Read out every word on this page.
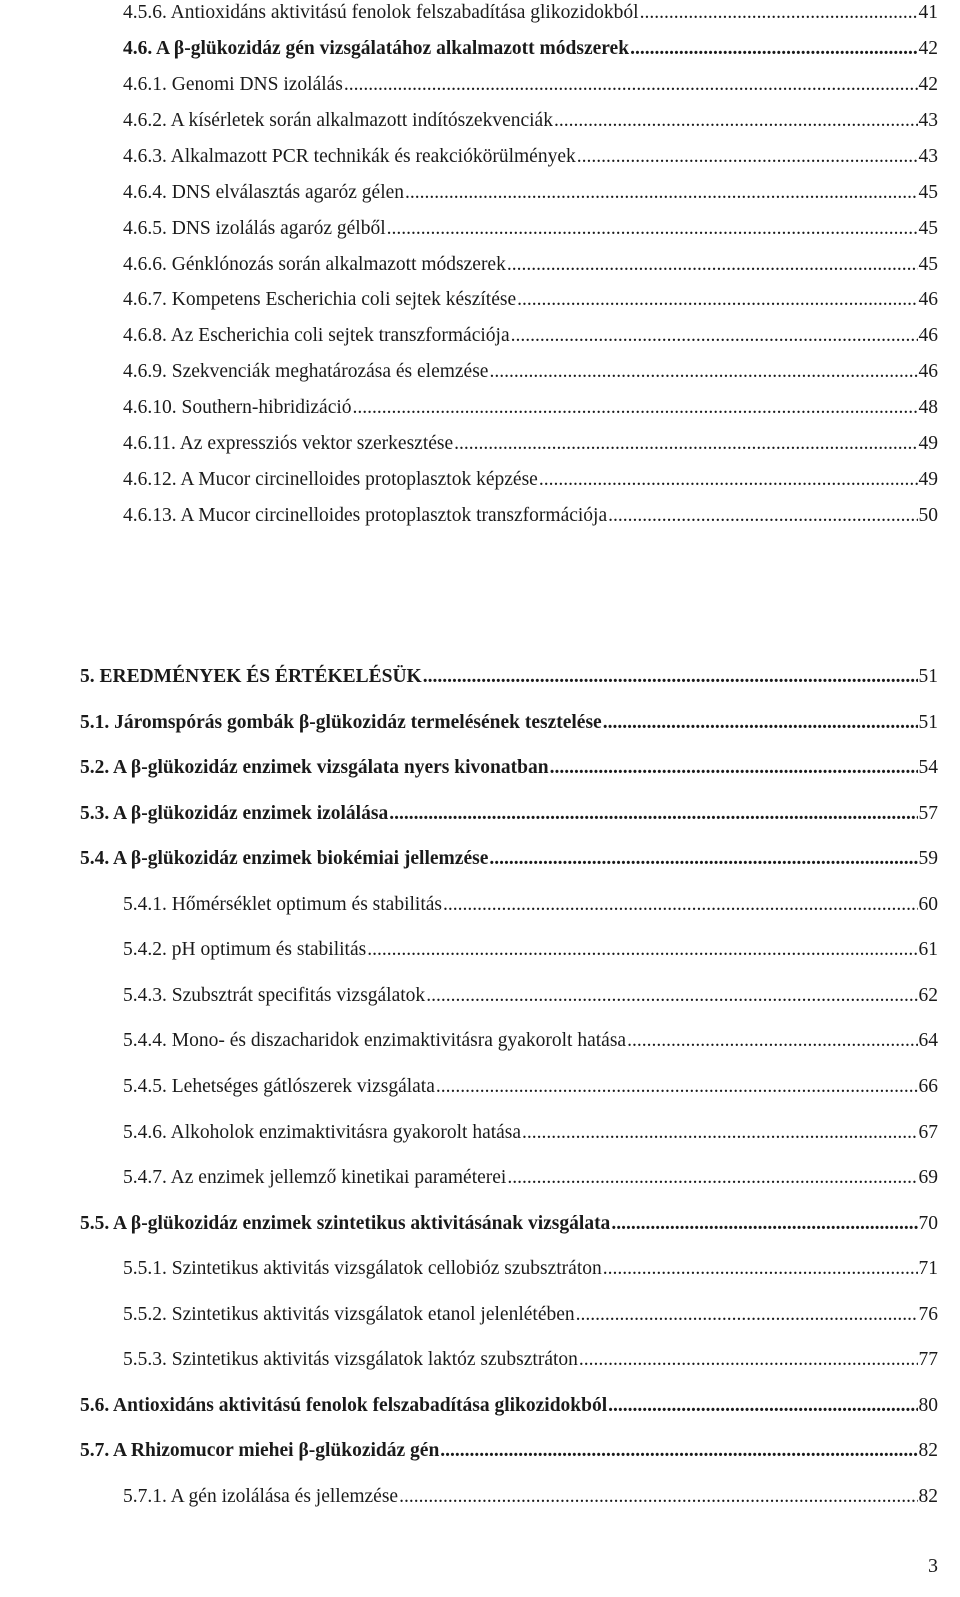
4.5.6. Antioxidáns aktivitású fenolok felszabadítása glikozidokból .....	41
4.6. A β-glükozidáz gén vizsgálatához alkalmazott módszerek .....	42
4.6.1. Genomi DNS izolálás .....	42
4.6.2. A kísérletek során alkalmazott indítószekvenciák .....	43
4.6.3. Alkalmazott PCR technikák és reakciókörülmények .....	43
4.6.4. DNS elválasztás agaróz gélen .....	45
4.6.5. DNS izolálás agaróz gélből .....	45
4.6.6. Génklónozás során alkalmazott módszerek .....	45
4.6.7. Kompetens Escherichia coli sejtek készítése .....	46
4.6.8. Az Escherichia coli sejtek transzformációja .....	46
4.6.9. Szekvenciák meghatározása és elemzése .....	46
4.6.10. Southern-hibridizáció .....	48
4.6.11. Az expressziós vektor szerkesztése .....	49
4.6.12. A Mucor circinelloides protoplasztok képzése .....	49
4.6.13. A Mucor circinelloides protoplasztok transzformációja .....	50
5. EREDMÉNYEK ÉS ÉRTÉKELÉSÜK .....	51
5.1. Járomspórás gombák β-glükozidáz termelésének tesztelése .....	51
5.2. A β-glükozidáz enzimek vizsgálata nyers kivonatban .....	54
5.3. A β-glükozidáz enzimek izolálása .....	57
5.4. A β-glükozidáz enzimek biokémiai jellemzése .....	59
5.4.1. Hőmérséklet optimum és stabilitás .....	60
5.4.2. pH optimum és stabilitás .....	61
5.4.3. Szubsztrát specifitás vizsgálatok .....	62
5.4.4. Mono- és diszacharidok enzimaktivitásra gyakorolt hatása .....	64
5.4.5. Lehetséges gátlószerek vizsgálata .....	66
5.4.6. Alkoholok enzimaktivitásra gyakorolt hatása .....	67
5.4.7. Az enzimek jellemző kinetikai paraméterei .....	69
5.5. A β-glükozidáz enzimek szintetikus aktivitásának vizsgálata .....	70
5.5.1. Szintetikus aktivitás vizsgálatok cellobióz szubsztráton .....	71
5.5.2. Szintetikus aktivitás vizsgálatok etanol jelenlétében .....	76
5.5.3. Szintetikus aktivitás vizsgálatok laktóz szubsztráton .....	77
5.6. Antioxidáns aktivitású fenolok felszabadítása glikozidokból .....	80
5.7. A Rhizomucor miehei β-glükozidáz gén .....	82
5.7.1. A gén izolálása és jellemzése .....	82
3
